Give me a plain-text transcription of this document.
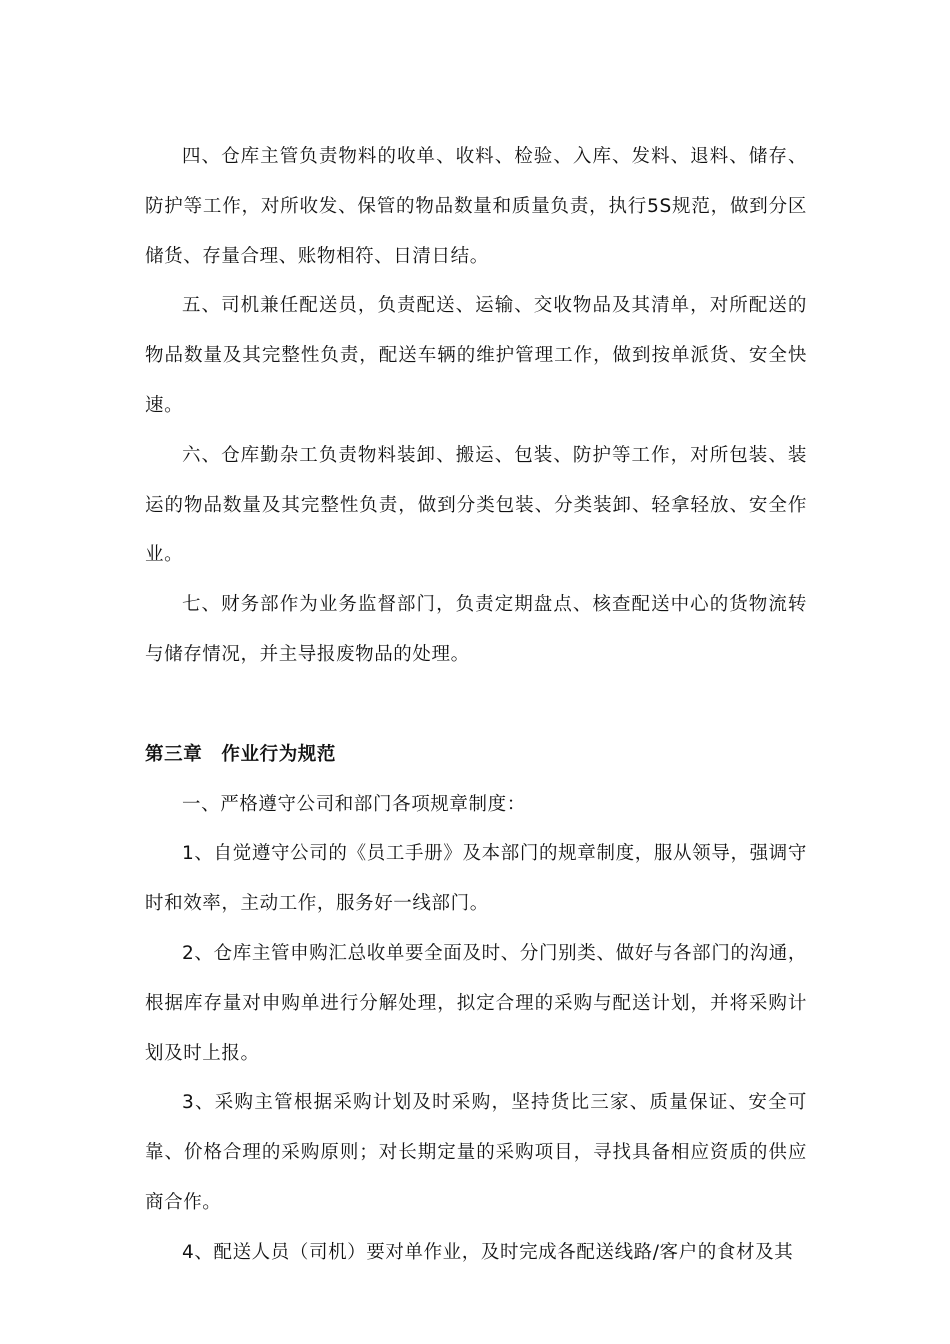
四、仓库主管负责物料的收单、收料、检验、入库、发料、退料、储存、防护等工作，对所收发、保管的物品数量和质量负责，执行5S规范，做到分区储货、存量合理、账物相符、日清日结。

五、司机兼任配送员，负责配送、运输、交收物品及其清单，对所配送的物品数量及其完整性负责，配送车辆的维护管理工作，做到按单派货、安全快速。

六、仓库勤杂工负责物料装卸、搬运、包装、防护等工作，对所包装、装运的物品数量及其完整性负责，做到分类包装、分类装卸、轻拿轻放、安全作业。

七、财务部作为业务监督部门，负责定期盘点、核查配送中心的货物流转与储存情况，并主导报废物品的处理。

第三章　作业行为规范

一、严格遵守公司和部门各项规章制度：

1、自觉遵守公司的《员工手册》及本部门的规章制度，服从领导，强调守时和效率，主动工作，服务好一线部门。

2、仓库主管申购汇总收单要全面及时、分门别类、做好与各部门的沟通，根据库存量对申购单进行分解处理，拟定合理的采购与配送计划，并将采购计划及时上报。

3、采购主管根据采购计划及时采购，坚持货比三家、质量保证、安全可靠、价格合理的采购原则；对长期定量的采购项目，寻找具备相应资质的供应商合作。

4、配送人员（司机）要对单作业，及时完成各配送线路/客户的食材及其
